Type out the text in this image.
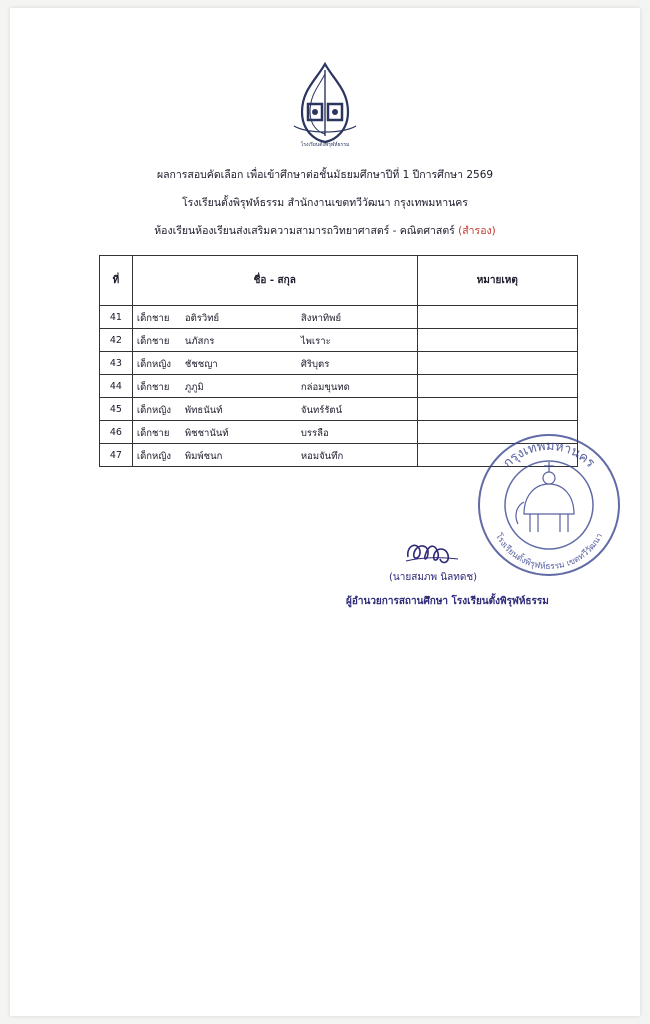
โรงเรียนตั้งพิรุฬห์ธรรม
ผลการสอบคัดเลือก เพื่อเข้าศึกษาต่อชั้นมัธยมศึกษาปีที่ 1 ปีการศึกษา 2569
โรงเรียนตั้งพิรุฬห์ธรรม สำนักงานเขตทวีวัฒนา กรุงเทพมหานคร
ห้องเรียนห้องเรียนส่งเสริมความสามารถวิทยาศาสตร์ - คณิตศาสตร์ (สำรอง)
ที่	ชื่อ - สกุล	หมายเหตุ
41	เด็กชาย อติรวิทย์ สิงหาทิพย์	

42	เด็กชาย นภัสกร ไพเราะ	

43	เด็กหญิง ชัชชญา ศิริบุตร	

44	เด็กชาย ภูภูมิ กล่อมขุนทด	

45	เด็กหญิง พัทธนันท์ จันทร์รัตน์	

46	เด็กชาย พิชชานันท์ บรรลือ	

47	เด็กหญิง พิมพ์ชนก หอมจันทึก	
		กรุงเทพมหานคร
โรงเรียนตั้งพิรุฬห์ธรรม เขตทวีวัฒนา
(นายสมภพ นิลทดช)
ผู้อำนวยการสถานศึกษา โรงเรียนตั้งพิรุฬห์ธรรม
